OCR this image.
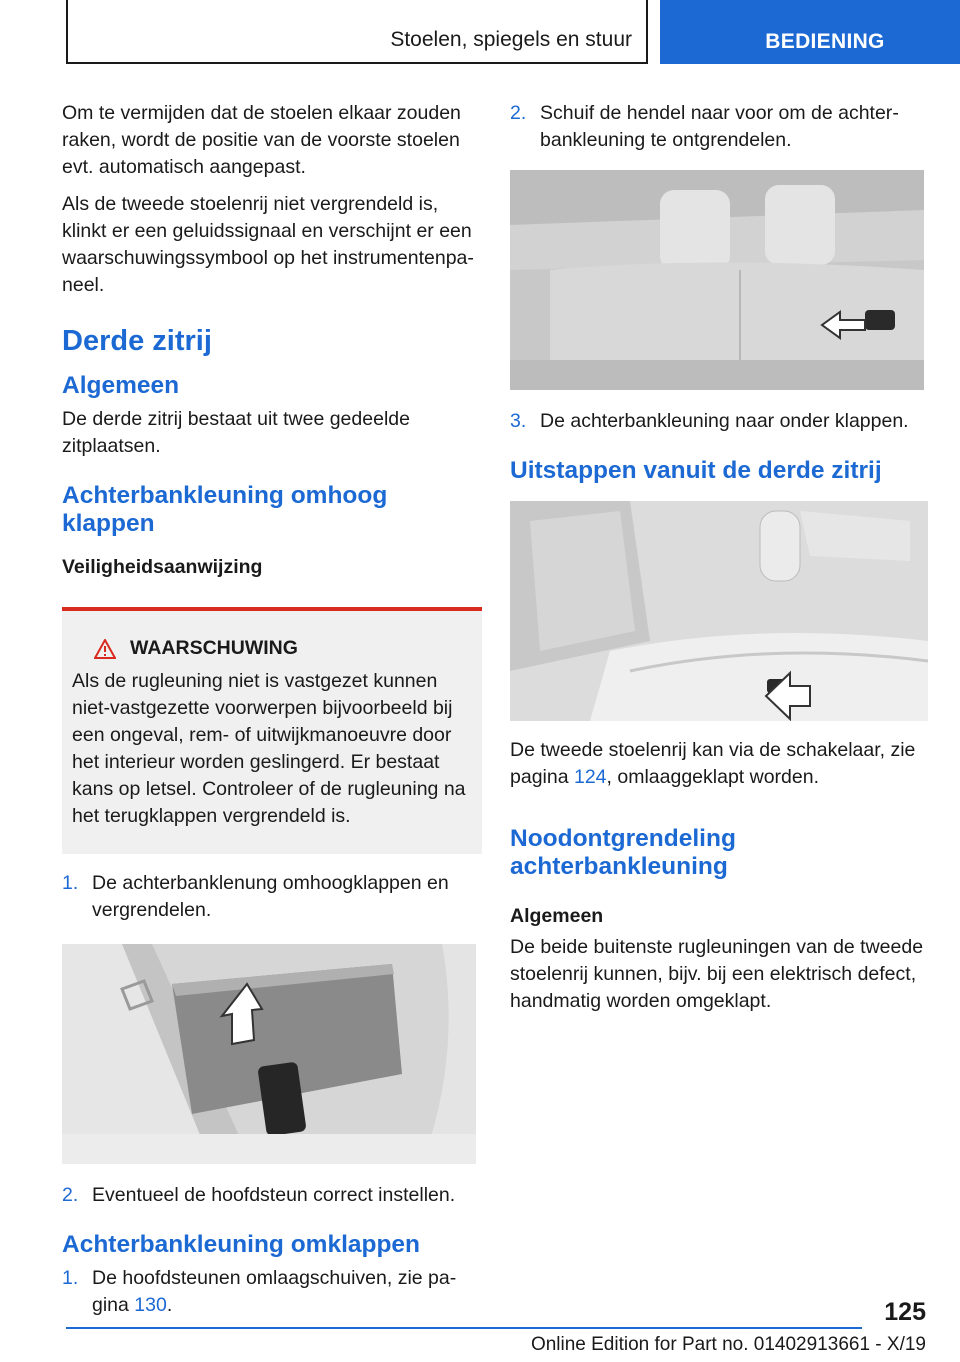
Stoelen, spiegels en stuur	BEDIENING

Om te vermijden dat de stoelen elkaar zouden raken, wordt de positie van de voorste stoelen evt. automatisch aangepast.

Als de tweede stoelenrij niet vergrendeld is, klinkt er een geluidssignaal en verschijnt er een waarschuwingssymbool op het instrumentenpaneel.

Derde zitrij
Algemeen

De derde zitrij bestaat uit twee gedeelde zitplaatsen.

Achterbankleuning omhoog klappen
Veiligheidsaanwijzing
WAARSCHUWING

Als de rugleuning niet is vastgezet kunnen niet-vastgezette voorwerpen bijvoorbeeld bij een ongeval, rem- of uitwijkmanoeuvre door het interieur worden geslingerd. Er bestaat kans op letsel. Controleer of de rugleuning na het terugklappen vergrendeld is.

1. De achterbanklenung omhoogklappen en vergrendelen.
2. Eventueel de hoofdsteun correct instellen.
Achterbankleuning omklappen
1. De hoofdsteunen omlaagschuiven, zie pagina 130.
2. Schuif de hendel naar voor om de achterbankleuning te ontgrendelen.
3. De achterbankleuning naar onder klappen.
Uitstappen vanuit de derde zitrij

De tweede stoelenrij kan via de schakelaar, zie pagina 124, omlaaggeklapt worden.

Noodontgrendeling achterbankleuning
Algemeen

De beide buitenste rugleuningen van de tweede stoelenrij kunnen, bijv. bij een elektrisch defect, handmatig worden omgeklapt.

125
Online Edition for Part no. 01402913661 - X/19
